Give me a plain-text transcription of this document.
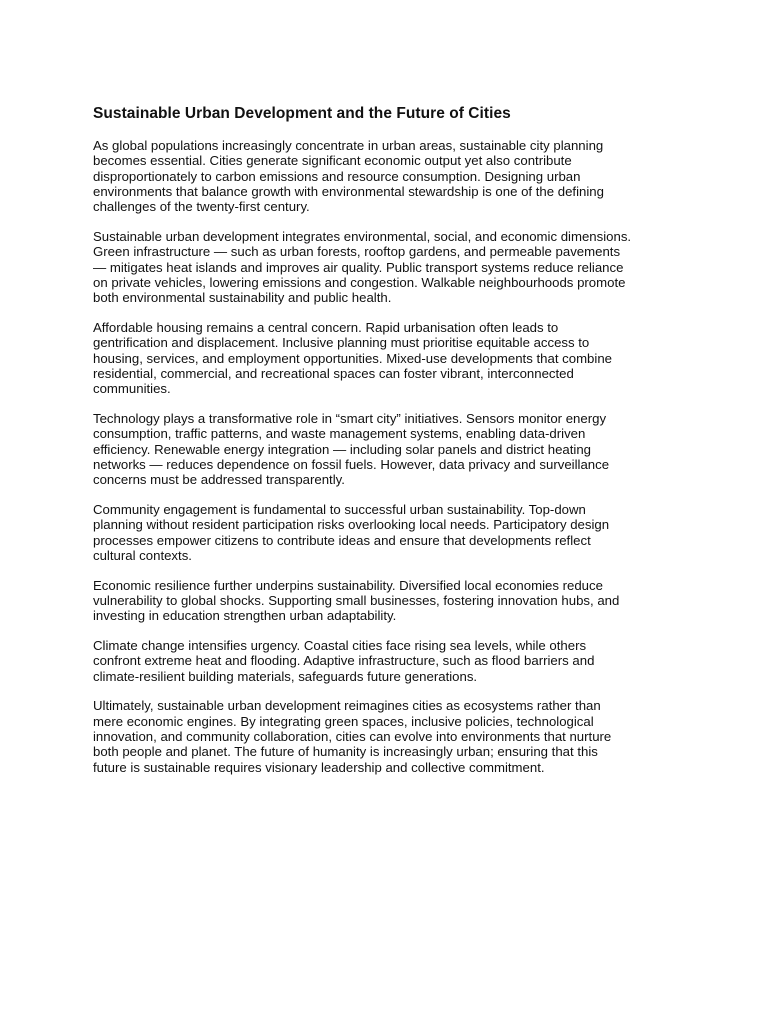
Sustainable Urban Development and the Future of Cities
As global populations increasingly concentrate in urban areas, sustainable city planning
becomes essential. Cities generate significant economic output yet also contribute
disproportionately to carbon emissions and resource consumption. Designing urban
environments that balance growth with environmental stewardship is one of the defining
challenges of the twenty-first century.
Sustainable urban development integrates environmental, social, and economic dimensions.
Green infrastructure — such as urban forests, rooftop gardens, and permeable pavements
— mitigates heat islands and improves air quality. Public transport systems reduce reliance
on private vehicles, lowering emissions and congestion. Walkable neighbourhoods promote
both environmental sustainability and public health.
Affordable housing remains a central concern. Rapid urbanisation often leads to
gentrification and displacement. Inclusive planning must prioritise equitable access to
housing, services, and employment opportunities. Mixed-use developments that combine
residential, commercial, and recreational spaces can foster vibrant, interconnected
communities.
Technology plays a transformative role in “smart city” initiatives. Sensors monitor energy
consumption, traffic patterns, and waste management systems, enabling data-driven
efficiency. Renewable energy integration — including solar panels and district heating
networks — reduces dependence on fossil fuels. However, data privacy and surveillance
concerns must be addressed transparently.
Community engagement is fundamental to successful urban sustainability. Top-down
planning without resident participation risks overlooking local needs. Participatory design
processes empower citizens to contribute ideas and ensure that developments reflect
cultural contexts.
Economic resilience further underpins sustainability. Diversified local economies reduce
vulnerability to global shocks. Supporting small businesses, fostering innovation hubs, and
investing in education strengthen urban adaptability.
Climate change intensifies urgency. Coastal cities face rising sea levels, while others
confront extreme heat and flooding. Adaptive infrastructure, such as flood barriers and
climate-resilient building materials, safeguards future generations.
Ultimately, sustainable urban development reimagines cities as ecosystems rather than
mere economic engines. By integrating green spaces, inclusive policies, technological
innovation, and community collaboration, cities can evolve into environments that nurture
both people and planet. The future of humanity is increasingly urban; ensuring that this
future is sustainable requires visionary leadership and collective commitment.
